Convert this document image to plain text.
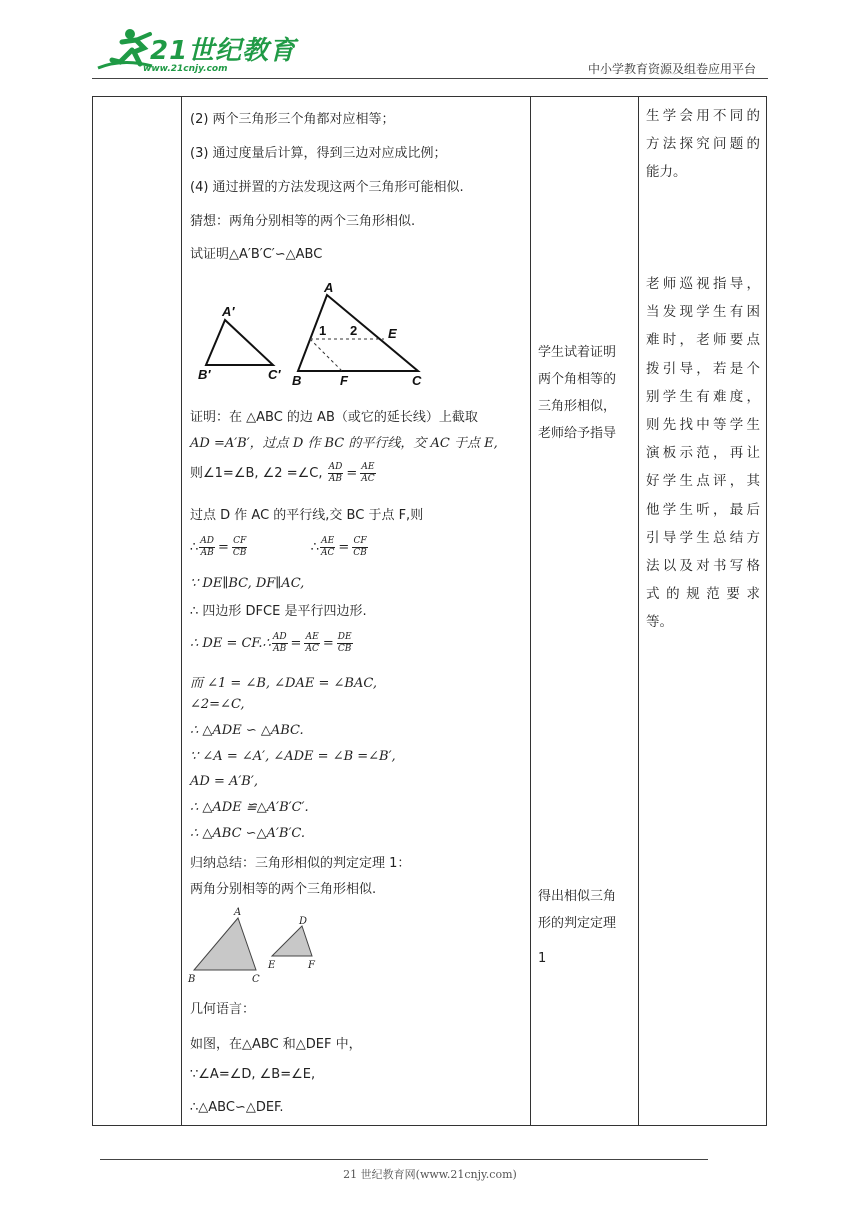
21世纪教育
www.21cnjy.com	中小学教育资源及组卷应用平台
(2) 两个三角形三个角都对应相等；
(3) 通过度量后计算，得到三边对应成比例；
(4) 通过拼置的方法发现这两个三角形可能相似.
猜想：两角分别相等的两个三角形相似.
试证明△A′B′C′∽△ABC
A′
B′	C′
A
B	C
E
F
1 2
证明：在 △ABC 的边 AB（或它的延长线）上截取
AD =A′B′，过点 D 作 BC 的平行线，交 AC 于点 E,
则∠1=∠B, ∠2 =∠C, $\frac{AD}{AB} = \frac{AE}{AC}$
过点 D 作 AC 的平行线,交 BC 于点 F,则
∴ $\frac{AD}{AB} = \frac{CF}{CB}$	∴ $\frac{AE}{AC} = \frac{CF}{CB}$
∵ DE∥BC, DF∥AC,
∴ 四边形 DFCE 是平行四边形.
∴ DE = CF.∴ $\frac{AD}{AB} = \frac{AE}{AC} = \frac{DE}{CB}$
而 ∠1 = ∠B, ∠DAE = ∠BAC,
∠2=∠C,
∴ △ADE ∽ △ABC.
∵ ∠A = ∠A′, ∠ADE = ∠B =∠B′,
AD = A′B′,
∴ △ADE ≌△A′B′C′.
∴ △ABC ∽△A′B′C.
归纳总结：三角形相似的判定定理 1：
两角分别相等的两个三角形相似.
A
B	C
D
E	F
几何语言：
如图，在△ABC 和△DEF 中，
∵∠A=∠D, ∠B=∠E,
∴△ABC∽△DEF.
学生试着证明
两个角相等的
三角形相似，
老师给予指导
得出相似三角
形的判定定理
1
生学会用不同的
方法探究问题的
能力。
老师巡视指导，
当发现学生有困
难时，老师要点
拨引导，若是个
别学生有难度，
则先找中等学生
演板示范，再让
好学生点评，其
他学生听，最后
引导学生总结方
法以及对书写格
式的规范要求
等。
21 世纪教育网(www.21cnjy.com)
